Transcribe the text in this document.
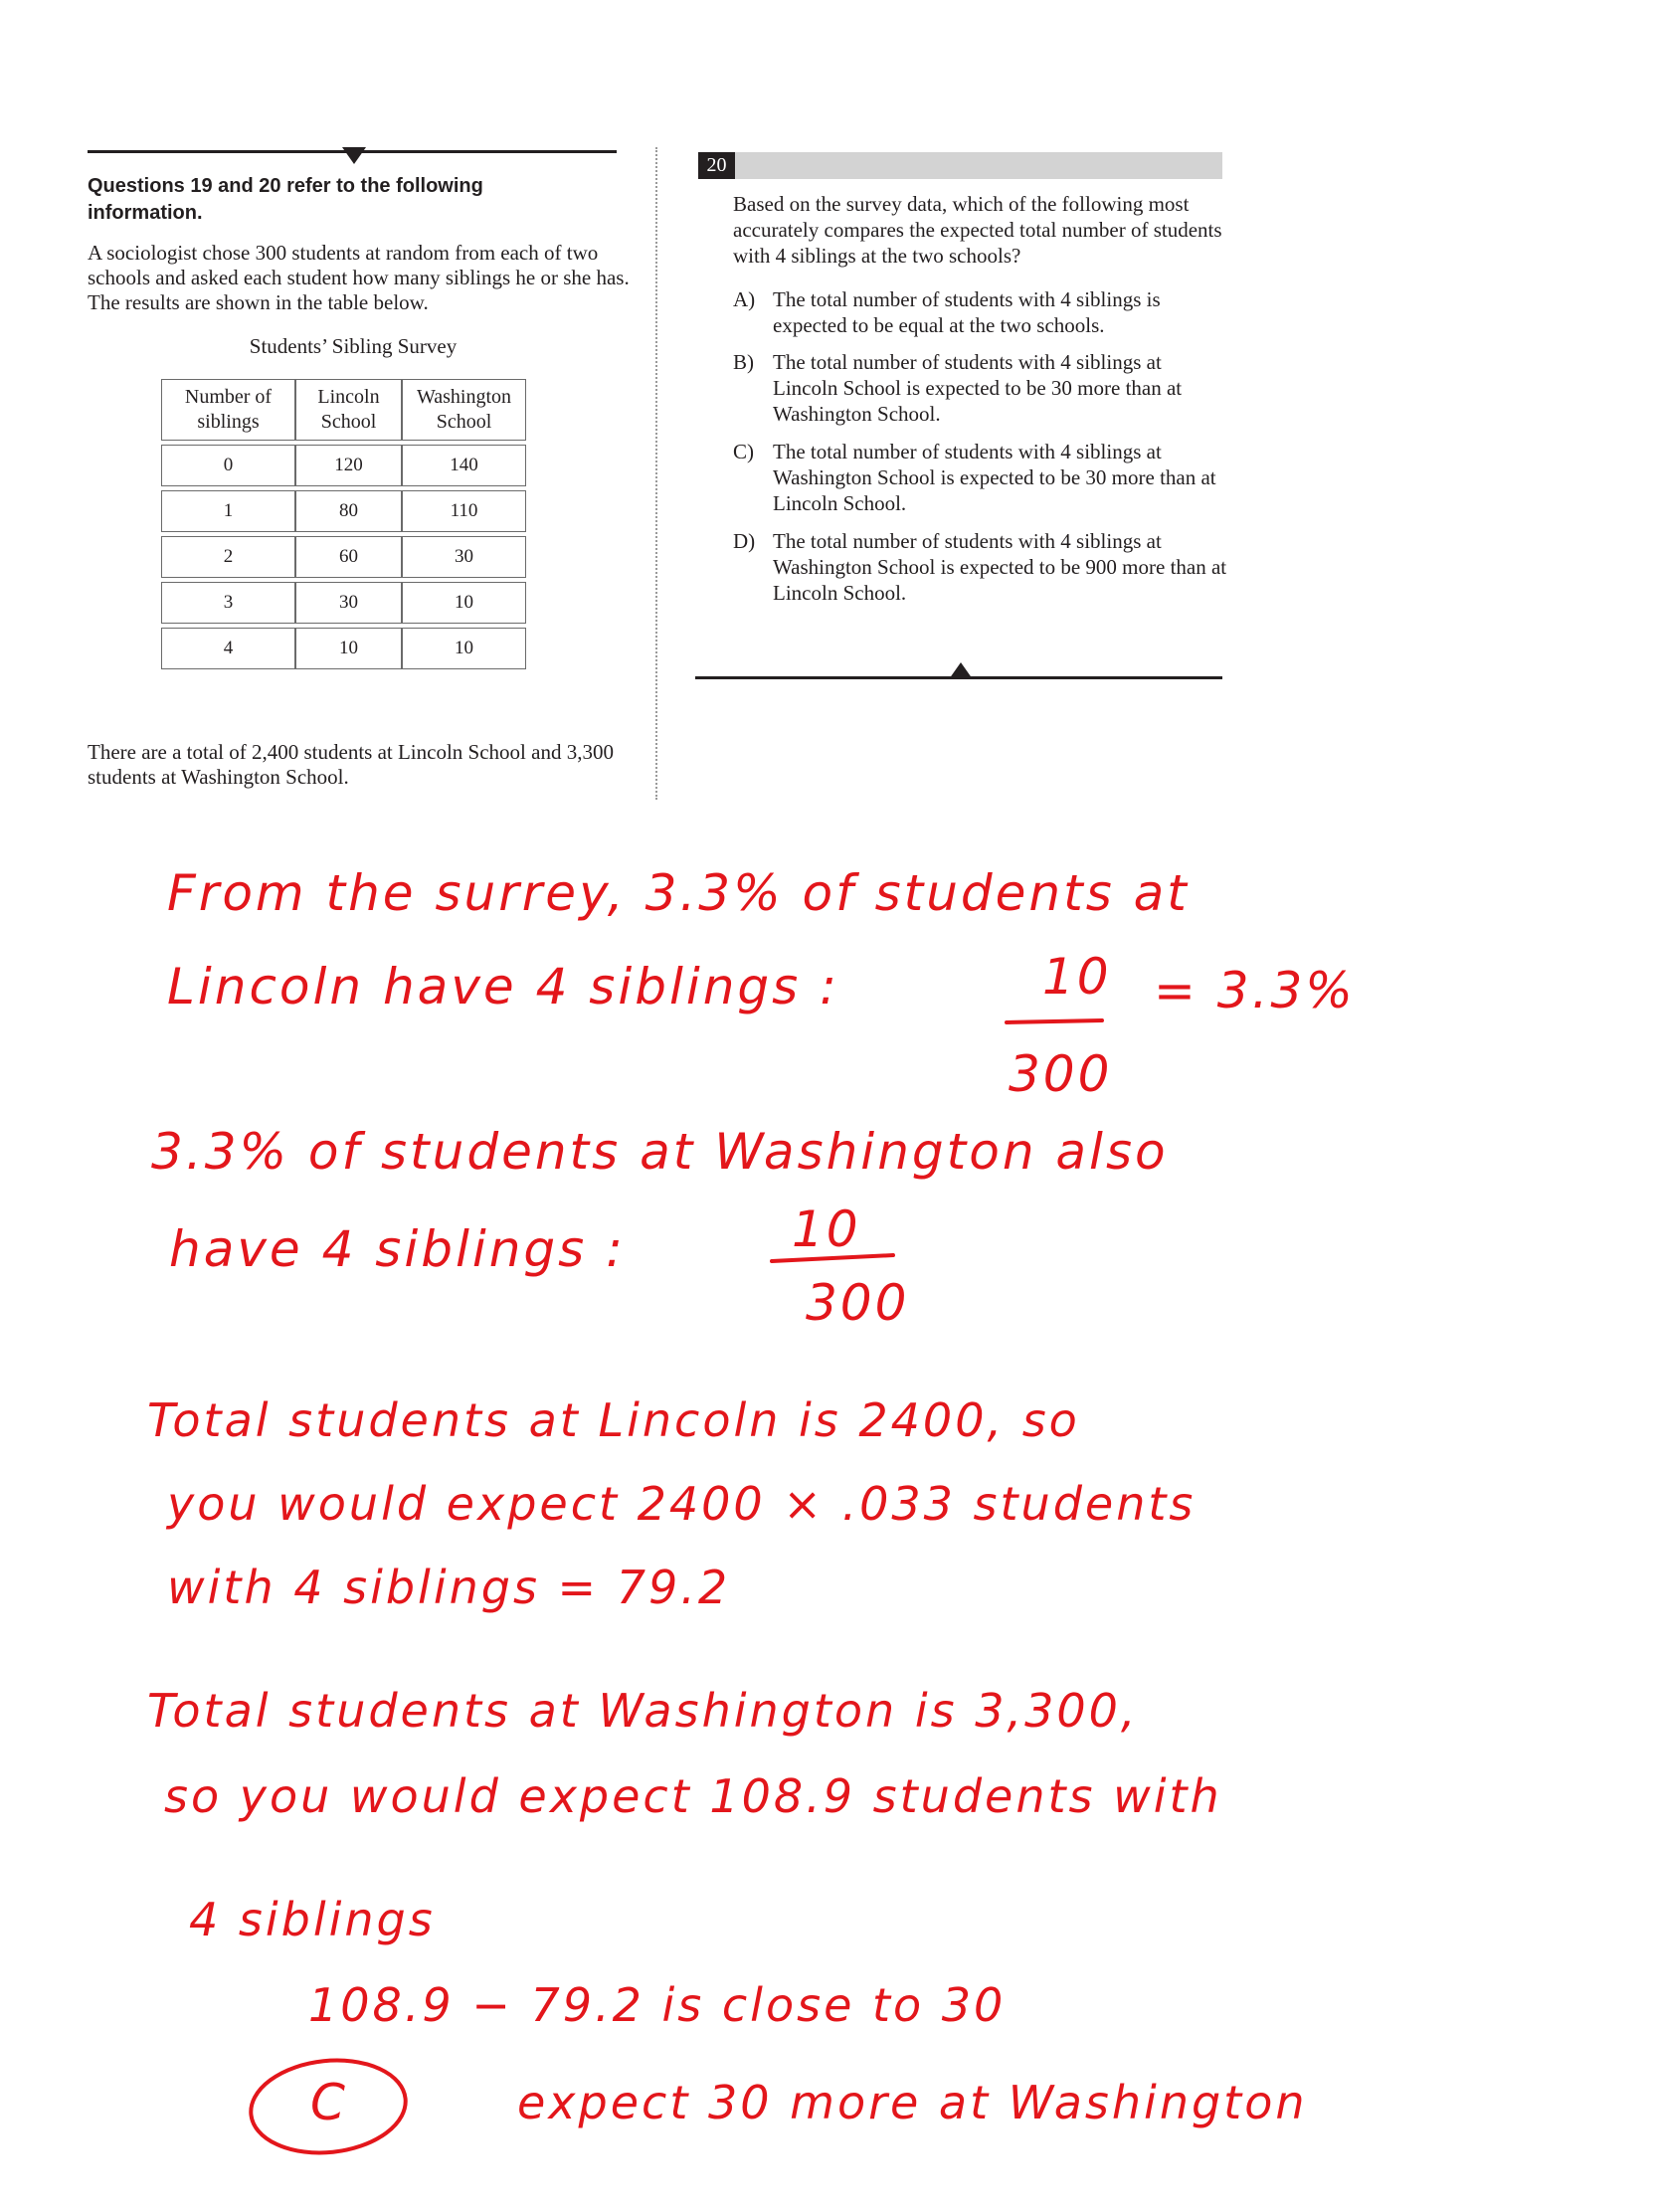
Questions 19 and 20 refer to the following information.
A sociologist chose 300 students at random from each of two schools and asked each student how many siblings he or she has. The results are shown in the table below.
Students’ Sibling Survey
Number of siblings	Lincoln School	Washington School
0	120	140
1	80	110
2	60	30
3	30	10
4	10	10
There are a total of 2,400 students at Lincoln School and 3,300 students at Washington School.
20
Based on the survey data, which of the following most accurately compares the expected total number of students with 4 siblings at the two schools?
A) The total number of students with 4 siblings is expected to be equal at the two schools.
B) The total number of students with 4 siblings at Lincoln School is expected to be 30 more than at Washington School.
C) The total number of students with 4 siblings at Washington School is expected to be 30 more than at Lincoln School.
D) The total number of students with 4 siblings at Washington School is expected to be 900 more than at Lincoln School.
From the surrey, 3.3% of students at
Lincoln have 4 siblings :	10
300
= 3.3%
3.3% of students at Washington also
have 4 siblings :	10
300
Total students at Lincoln is 2400, so
you would expect 2400 × .033 students
with 4 siblings = 79.2
Total students at Washington is 3,300,
so you would expect 108.9 students with
4 siblings
108.9 − 79.2 is close to 30
expect 30 more at Washington
C
